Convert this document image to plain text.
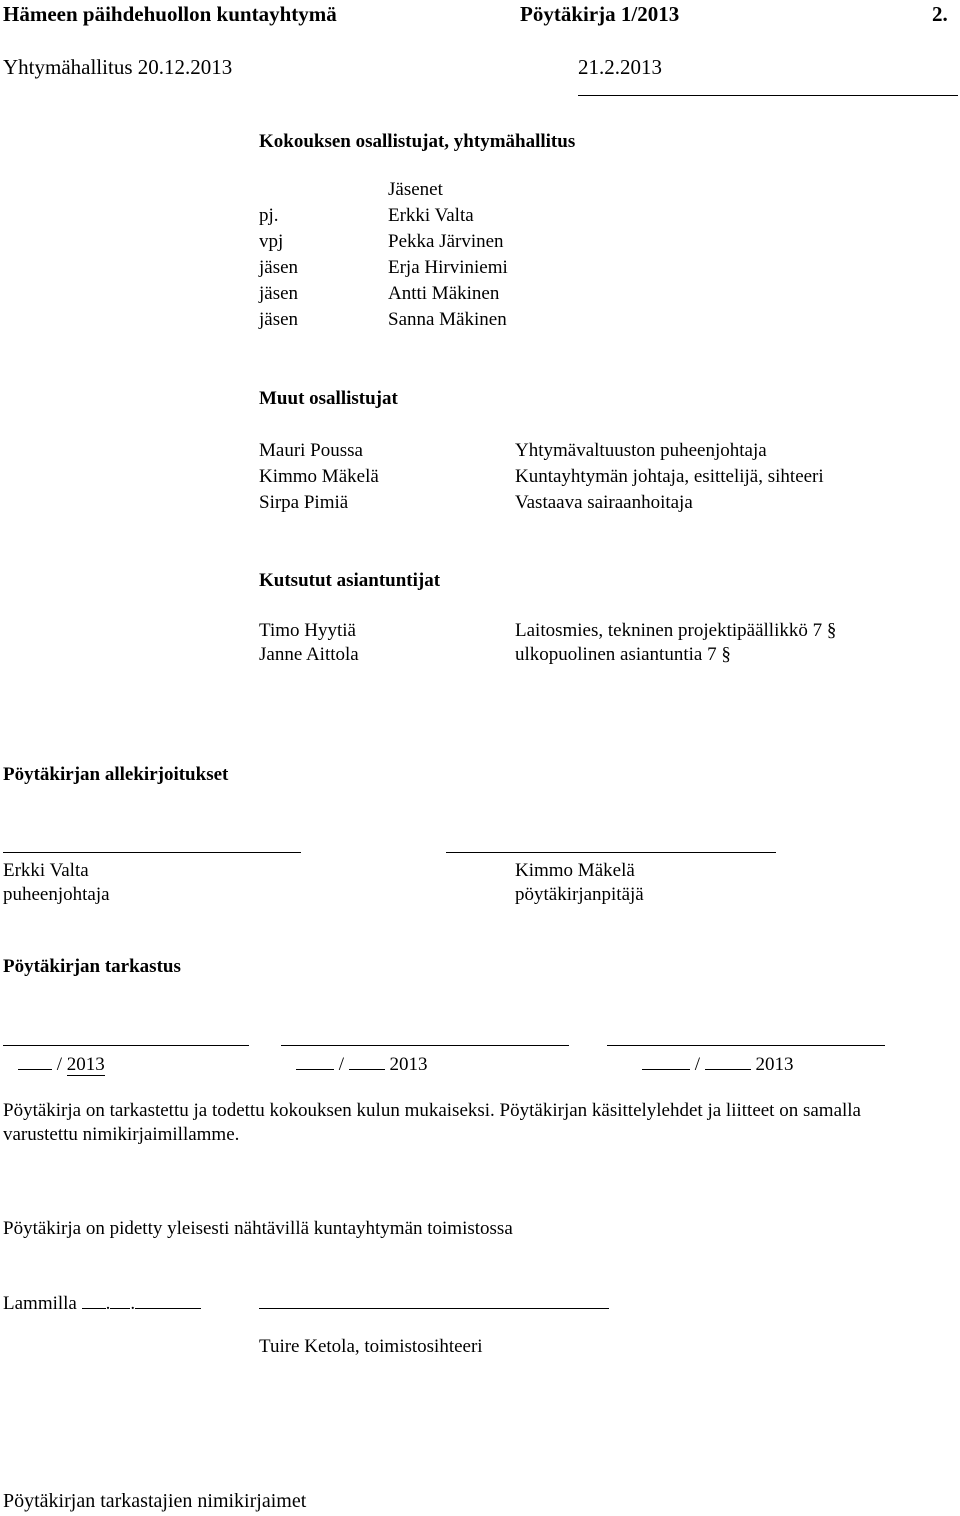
Hämeen päihdehuollon kuntayhtymä	Pöytäkirja 1/2013	2.
Yhtymähallitus 20.12.2013	21.2.2013
Kokouksen osallistujat, yhtymähallitus
Jäsenet
pj.	Erkki Valta
vpj	Pekka Järvinen
jäsen	Erja Hirviniemi
jäsen	Antti Mäkinen
jäsen	Sanna Mäkinen
Muut osallistujat
Mauri Poussa	Yhtymävaltuuston puheenjohtaja
Kimmo Mäkelä	Kuntayhtymän johtaja, esittelijä, sihteeri
Sirpa Pimiä	Vastaava sairaanhoitaja
Kutsutut asiantuntijat
Timo Hyytiä	Laitosmies, tekninen projektipäällikkö 7 §
Janne Aittola	ulkopuolinen asiantuntia 7 §
Pöytäkirjan allekirjoitukset
Erkki Valta
puheenjohtaja
Kimmo Mäkelä
pöytäkirjanpitäjä
Pöytäkirjan tarkastus
/ 2013	/ 2013	/	2013
Pöytäkirja on tarkastettu ja todettu kokouksen kulun mukaiseksi. Pöytäkirjan käsittelylehdet ja liitteet on samalla
varustettu nimikirjaimillamme.
Pöytäkirja on pidetty yleisesti nähtävillä kuntayhtymän toimistossa
Lammilla . .
Tuire Ketola, toimistosihteeri
Pöytäkirjan tarkastajien nimikirjaimet
